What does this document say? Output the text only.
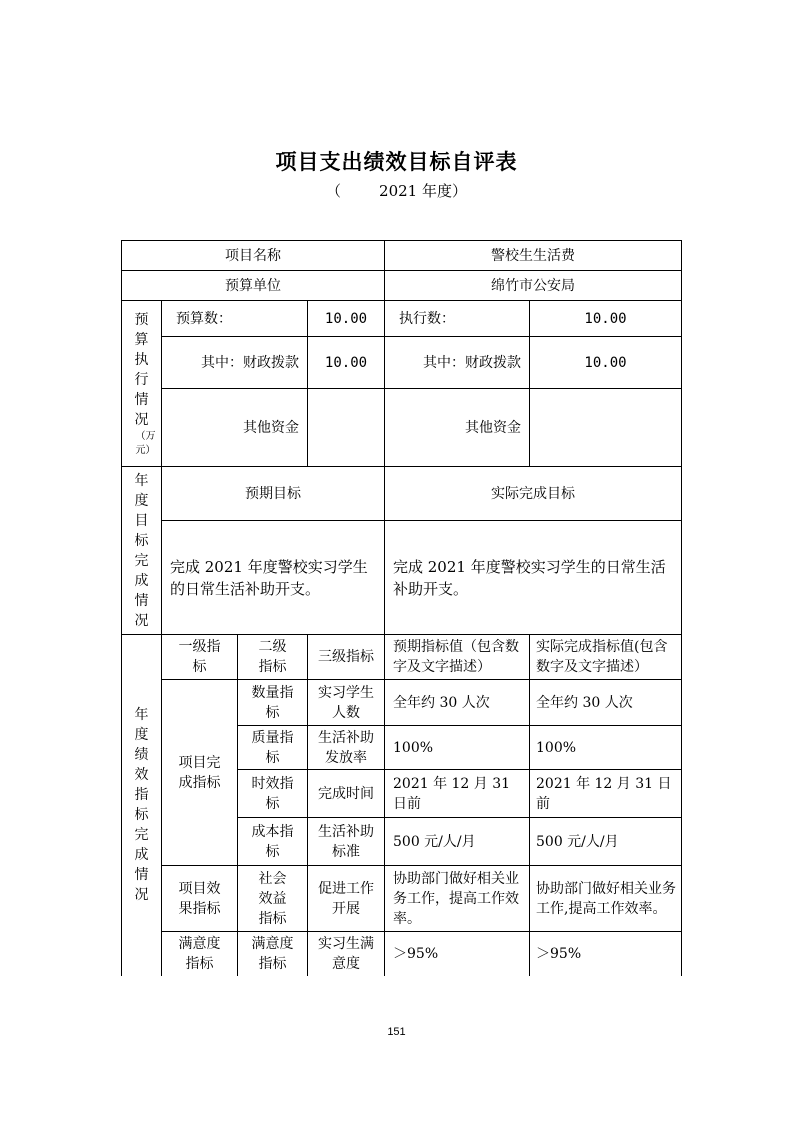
项目支出绩效目标自评表
（	2021 年度）
项目名称				警校生生活费	
预算单位				绵竹市公安局	

预算执行情况
（万元）	预算数：		10.00	执行数：	10.00
	其中：财政拨款		10.00	其中：财政拨款	10.00
	其他资金			其他资金	

年度目标完成情况	预期目标			实际完成目标	
	完成 2021 年度警校实习学生的日常生活补助开支。			完成 2021 年度警校实习学生的日常生活补助开支。	

年度绩效指标完成情况	一级指标	二级指标	三级指标	预期指标值（包含数字及文字描述）	实际完成指标值(包含数字及文字描述）
	项目完成指标	数量指标	实习学生人数	全年约 30 人次	全年约 30 人次
		质量指标	生活补助发放率	100%	100%
		时效指标	完成时间	2021 年 12 月 31 日前	2021 年 12 月 31 日前
		成本指标	生活补助标准	500 元/人/月	500 元/人/月
	项目效果指标	社会效益指标	促进工作开展	协助部门做好相关业务工作，提高工作效率。	协助部门做好相关业务工作,提高工作效率。
	满意度指标	满意度指标	实习生满意度	＞95%	＞95%
151
